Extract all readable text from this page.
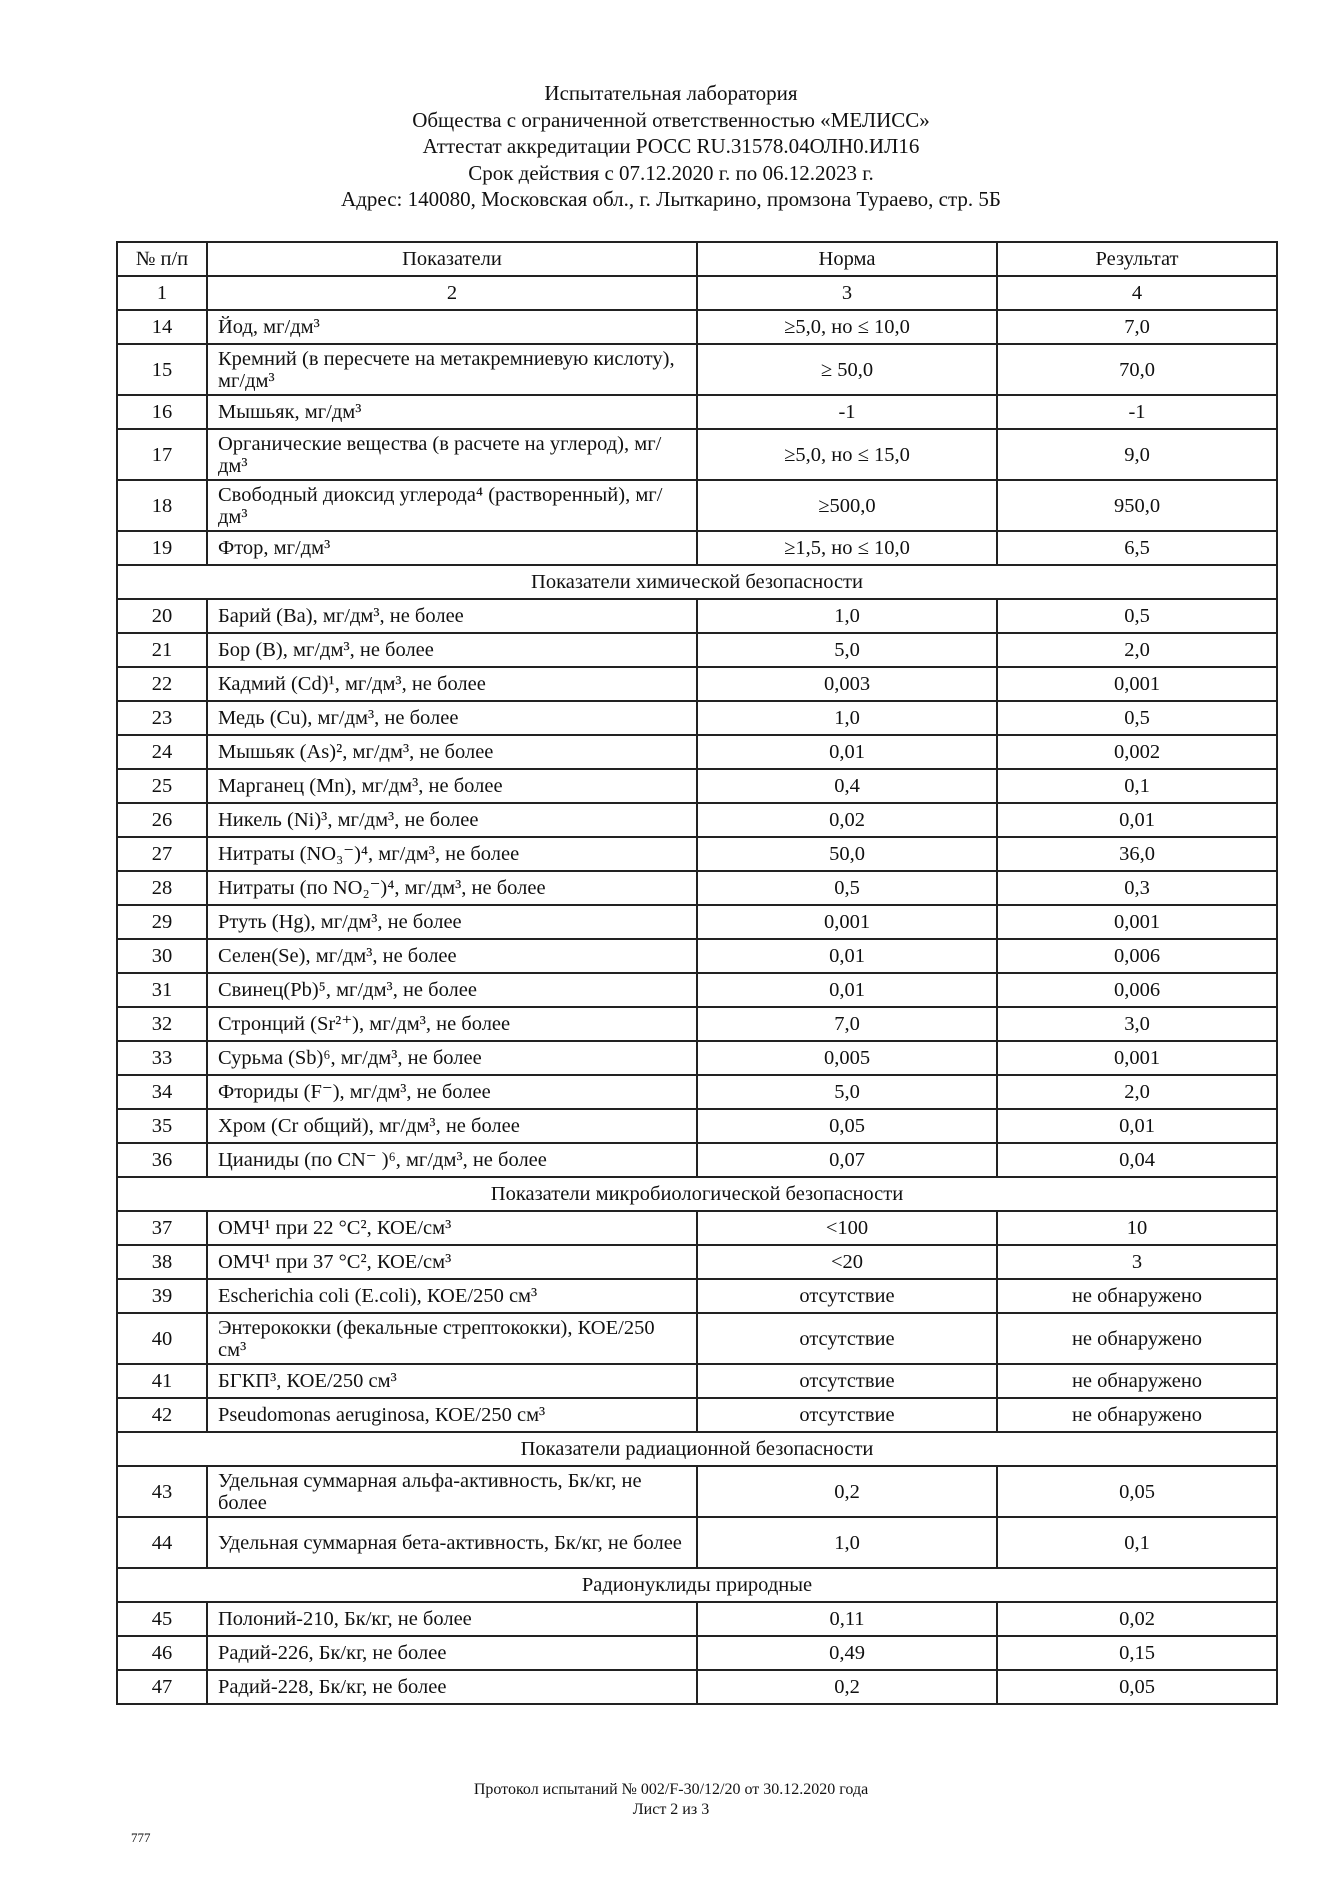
Испытательная лаборатория
Общества с ограниченной ответственностью «МЕЛИСС»
Аттестат аккредитации РОСС RU.31578.04ОЛН0.ИЛ16
Срок действия с 07.12.2020 г. по 06.12.2023 г.
Адрес: 140080, Московская обл., г. Лыткарино, промзона Тураево, стр. 5Б
№ п/п	Показатели	Норма	Результат
1	2	3	4
14	Йод, мг/дм³	≥5,0, но ≤ 10,0	7,0
15	Кремний (в пересчете на метакремниевую кислоту), мг/дм³	≥ 50,0	70,0
16	Мышьяк, мг/дм³	-1	-1
17	Органические вещества (в расчете на углерод), мг/дм³	≥5,0, но ≤ 15,0	9,0
18	Свободный диоксид углерода⁴ (растворенный), мг/дм³	≥500,0	950,0
19	Фтор, мг/дм³	≥1,5, но ≤ 10,0	6,5
Показатели химической безопасности			
20	Барий (Ba), мг/дм³, не более	1,0	0,5
21	Бор (B), мг/дм³, не более	5,0	2,0
22	Кадмий (Cd)¹, мг/дм³, не более	0,003	0,001
23	Медь (Cu), мг/дм³, не более	1,0	0,5
24	Мышьяк (As)², мг/дм³, не более	0,01	0,002
25	Марганец (Mn), мг/дм³, не более	0,4	0,1
26	Никель (Ni)³, мг/дм³, не более	0,02	0,01
27	Нитраты (NO₃⁻)⁴, мг/дм³, не более	50,0	36,0
28	Нитраты (по NO₂⁻)⁴, мг/дм³, не более	0,5	0,3
29	Ртуть (Hg), мг/дм³, не более	0,001	0,001
30	Селен(Se), мг/дм³, не более	0,01	0,006
31	Свинец(Pb)⁵, мг/дм³, не более	0,01	0,006
32	Стронций (Sr²⁺), мг/дм³, не более	7,0	3,0
33	Сурьма (Sb)⁶, мг/дм³, не более	0,005	0,001
34	Фториды (F⁻), мг/дм³, не более	5,0	2,0
35	Хром (Cr общий), мг/дм³, не более	0,05	0,01
36	Цианиды (по CN⁻ )⁶, мг/дм³, не более	0,07	0,04
Показатели микробиологической безопасности			
37	ОМЧ¹ при 22 °C², КОЕ/см³	<100	10
38	ОМЧ¹ при 37 °C², КОЕ/см³	<20	3
39	Escherichia coli (E.coli), КОЕ/250 см³	отсутствие	не обнаружено
40	Энтерококки (фекальные стрептококки), КОЕ/250 см³	отсутствие	не обнаружено
41	БГКП³, КОЕ/250 см³	отсутствие	не обнаружено
42	Pseudomonas aeruginosa, КОЕ/250 см³	отсутствие	не обнаружено
Показатели радиационной безопасности			
43	Удельная суммарная альфа-активность, Бк/кг, не более	0,2	0,05
44	Удельная суммарная бета-активность, Бк/кг, не более	1,0	0,1
Радионуклиды природные			
45	Полоний-210, Бк/кг, не более	0,11	0,02
46	Радий-226, Бк/кг, не более	0,49	0,15
47	Радий-228, Бк/кг, не более	0,2	0,05
Протокол испытаний № 002/F-30/12/20 от 30.12.2020 года
Лист 2 из 3
777
